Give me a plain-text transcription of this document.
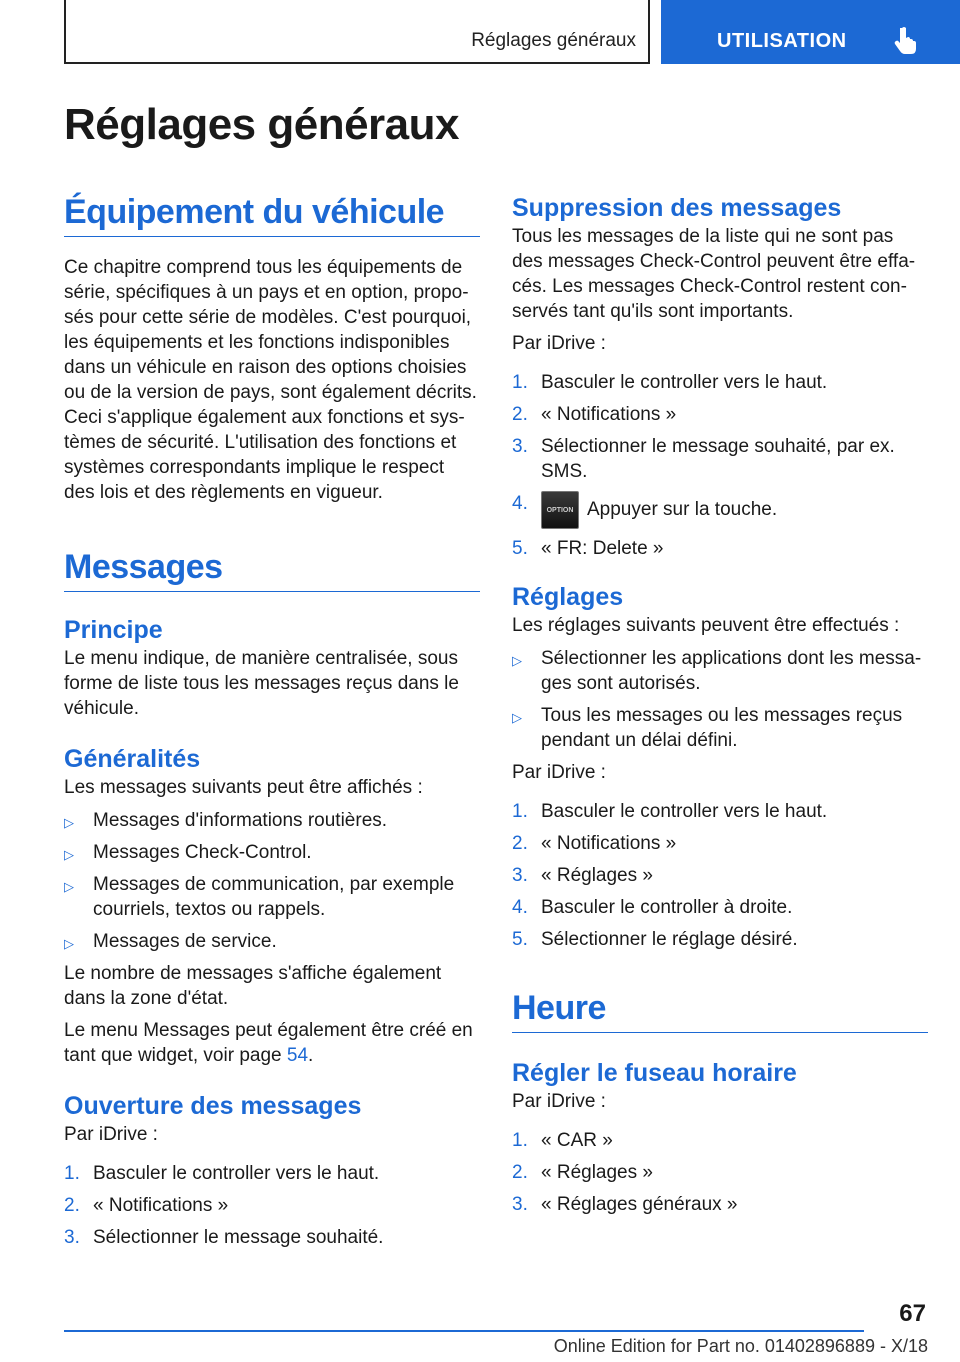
Réglages généraux	UTILISATION
Réglages généraux
Équipement du véhicule

Ce chapitre comprend tous les équipements de série, spécifiques à un pays et en option, proposés pour cette série de modèles. C'est pourquoi, les équipements et les fonctions indisponibles dans un véhicule en raison des options choisies ou de la version de pays, sont également décrits. Ceci s'applique également aux fonctions et systèmes de sécurité. L'utilisation des fonctions et systèmes correspondants implique le respect des lois et des règlements en vigueur.

Messages
Principe

Le menu indique, de manière centralisée, sous forme de liste tous les messages reçus dans le véhicule.

Généralités

Les messages suivants peut être affichés :

▷ Messages d'informations routières.
▷ Messages Check-Control.
▷ Messages de communication, par exemple courriels, textos ou rappels.
▷ Messages de service.

Le nombre de messages s'affiche également dans la zone d'état.

Le menu Messages peut également être créé en tant que widget, voir page 54.

Ouverture des messages

Par iDrive :

1. Basculer le controller vers le haut.
2. « Notifications »
3. Sélectionner le message souhaité.
Suppression des messages

Tous les messages de la liste qui ne sont pas des messages Check-Control peuvent être effacés. Les messages Check-Control restent conservés tant qu'ils sont importants.

Par iDrive :

1. Basculer le controller vers le haut.
2. « Notifications »
3. Sélectionner le message souhaité, par ex. SMS.
4.	OPTION Appuyer sur la touche.
5. « FR: Delete »
Réglages

Les réglages suivants peuvent être effectués :

▷ Sélectionner les applications dont les messages sont autorisés.
▷ Tous les messages ou les messages reçus pendant un délai défini.

Par iDrive :

1. Basculer le controller vers le haut.
2. « Notifications »
3. « Réglages »
4. Basculer le controller à droite.
5. Sélectionner le réglage désiré.
Heure
Régler le fuseau horaire

Par iDrive :

1. « CAR »
2. « Réglages »
3. « Réglages généraux »
67
Online Edition for Part no. 01402896889 - X/18
